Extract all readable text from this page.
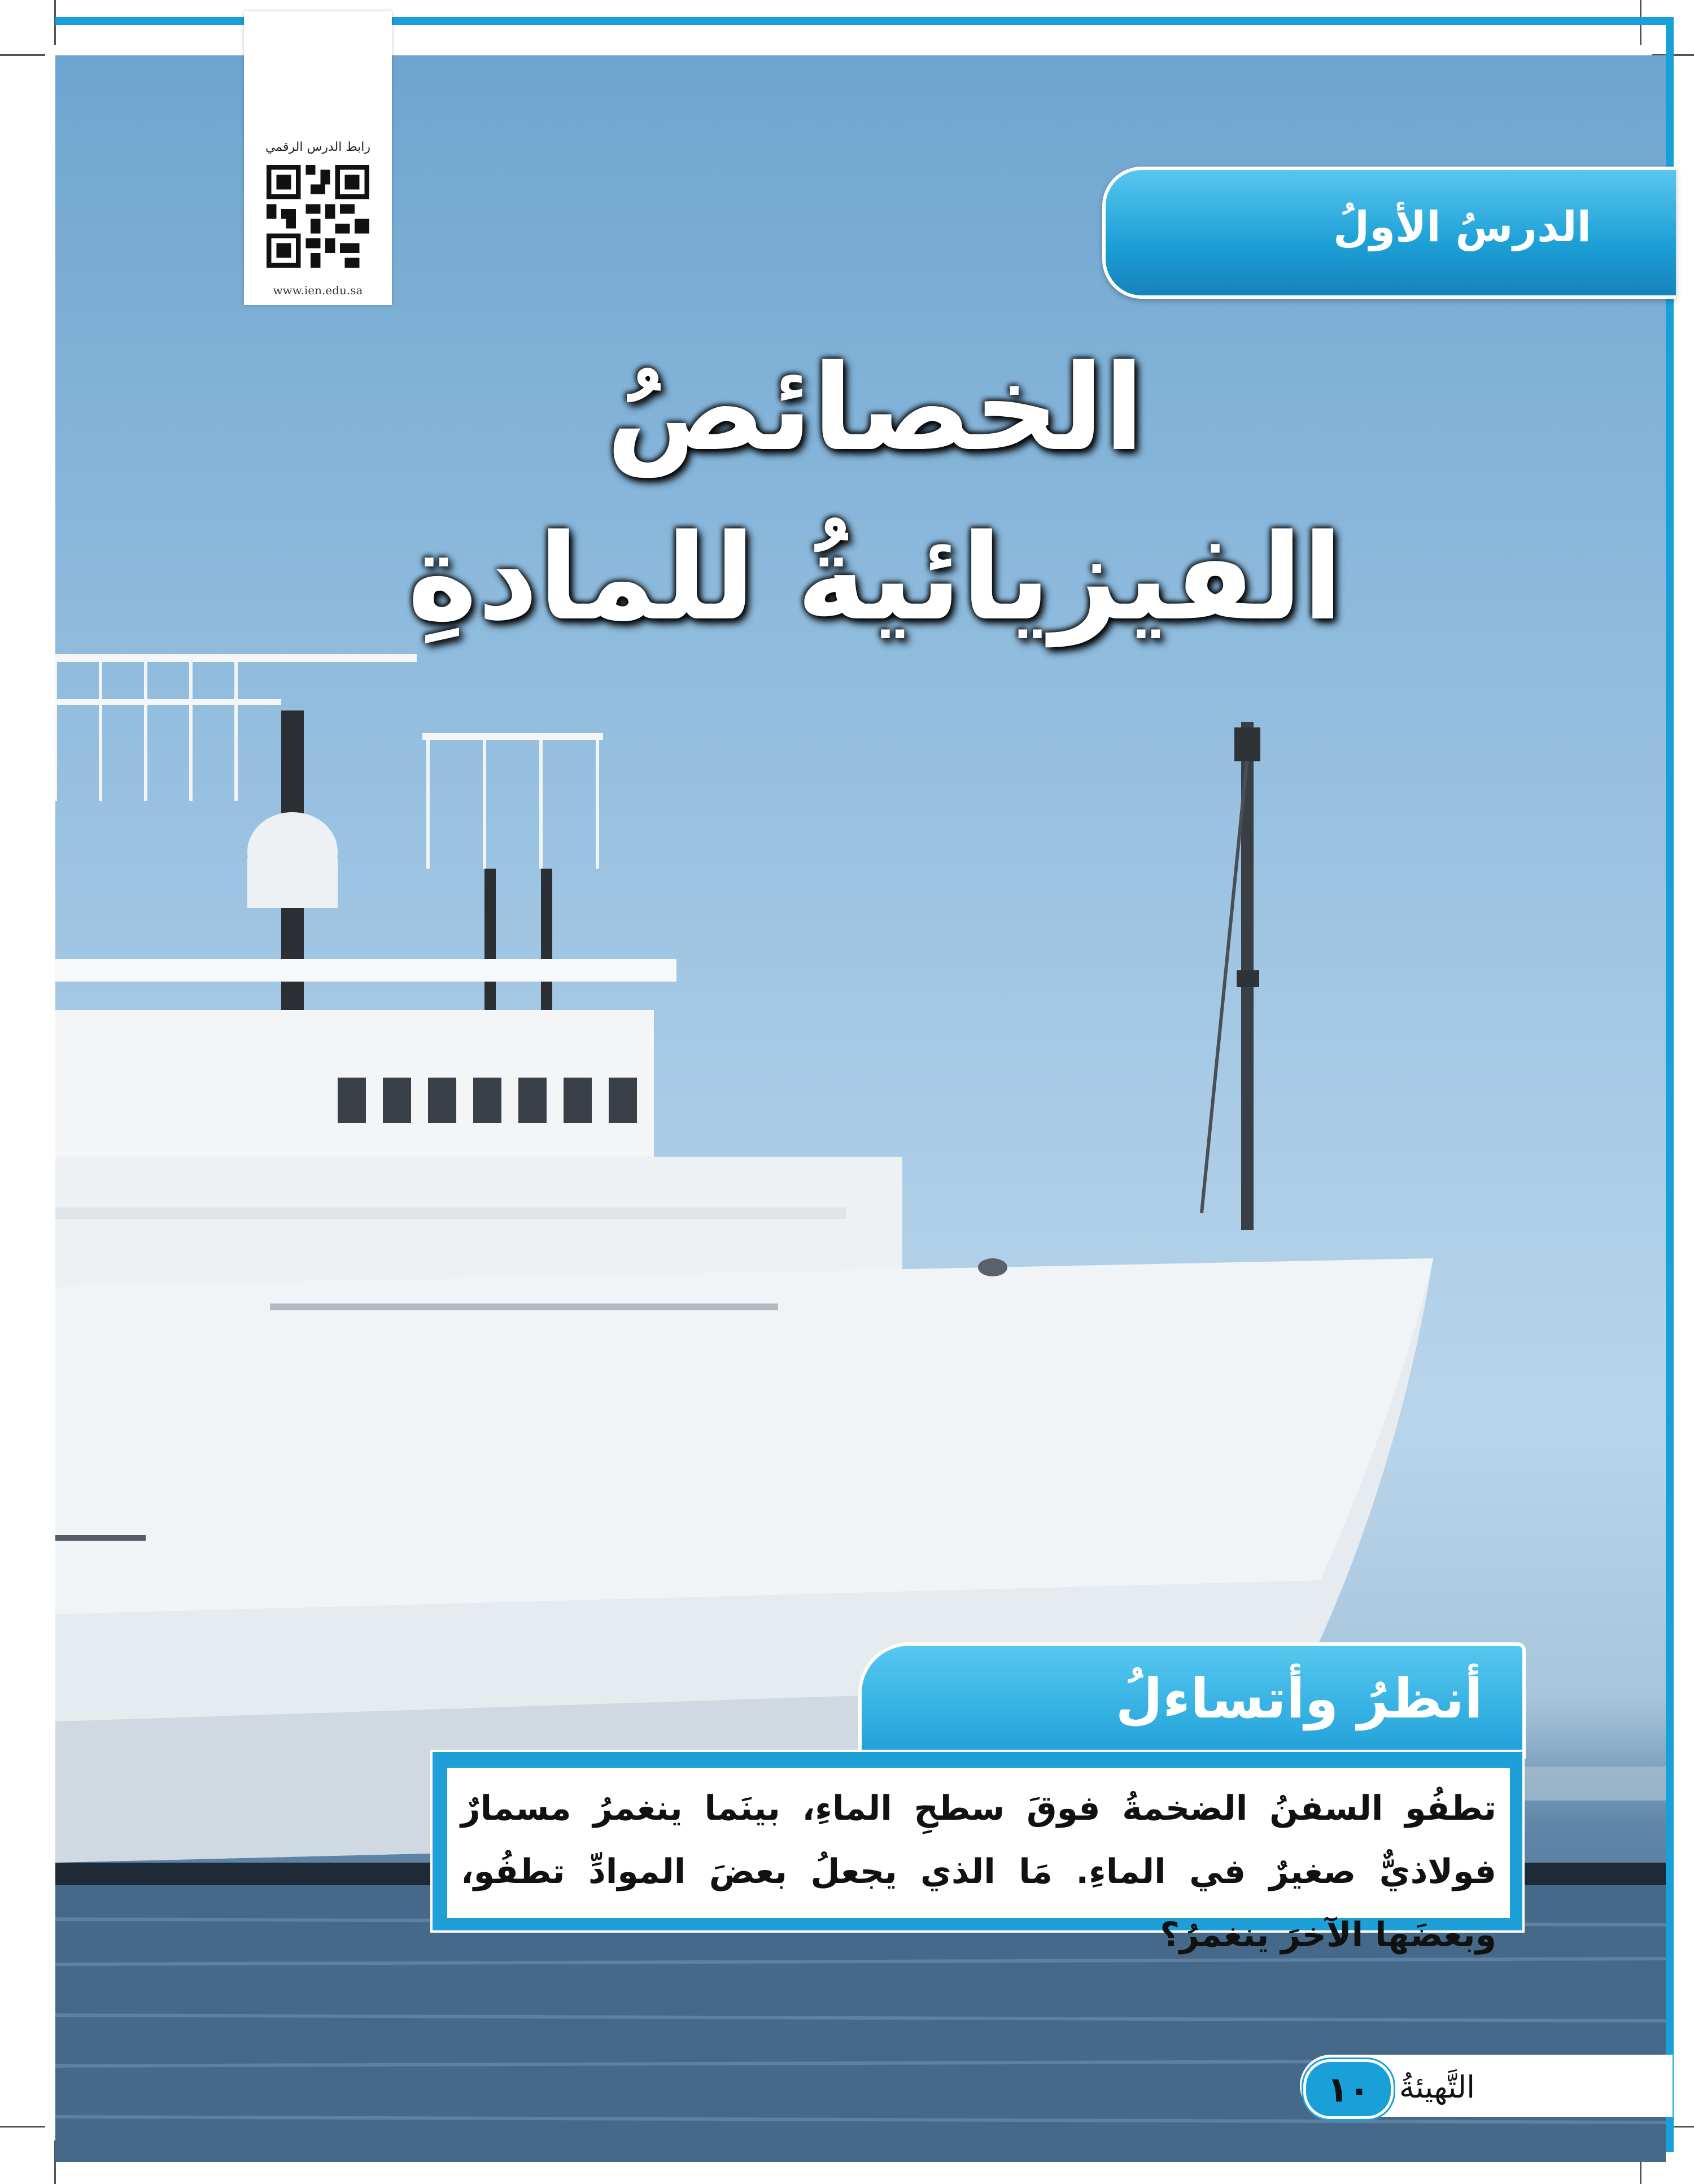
رابط الدرس الرقمي
www.ien.edu.sa
الدرسُ الأولُ
الخصائصُ
الفيزيائيةُ للمادةِ
أنظرُ وأتساءلُ
تطفُو السفنُ الضخمةُ فوقَ سطحِ الماءِ، بينَما ينغمرُ مسمارٌ فولاذيٌّ صغيرٌ في الماءِ. مَا الذي يجعلُ بعضَ الموادِّ تطفُو، وبعضَها الآخرَ ينغمرُ؟
التَّهيئةُ
١٠
